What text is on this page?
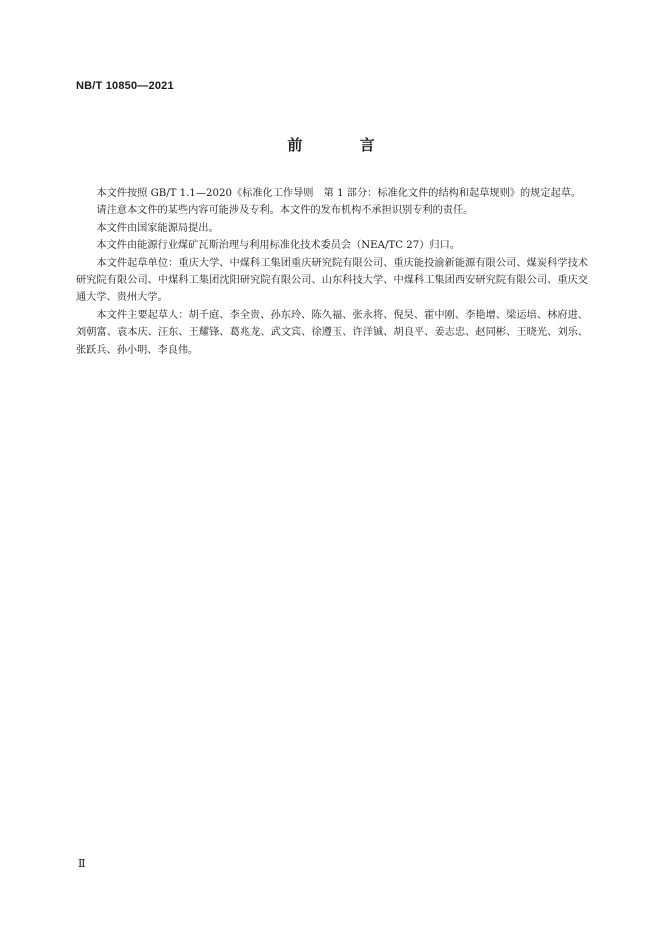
NB/T 10850—2021
前 言

本文件按照 GB/T 1.1—2020《标准化工作导则　第 1 部分：标准化文件的结构和起草规则》的规定起草。

请注意本文件的某些内容可能涉及专利。本文件的发布机构不承担识别专利的责任。

本文件由国家能源局提出。

本文件由能源行业煤矿瓦斯治理与利用标准化技术委员会（NEA/TC 27）归口。

本文件起草单位：重庆大学、中煤科工集团重庆研究院有限公司、重庆能投渝新能源有限公司、煤炭科学技术研究院有限公司、中煤科工集团沈阳研究院有限公司、山东科技大学、中煤科工集团西安研究院有限公司、重庆交通大学、贵州大学。

本文件主要起草人：胡千庭、李全贵、孙东玲、陈久福、张永将、倪昊、霍中刚、李艳增、梁运培、林府进、刘朝富、袁本庆、汪东、王耀锋、葛兆龙、武文宾、徐遵玉、许洋铖、胡良平、姜志忠、赵同彬、王晓光、刘乐、张跃兵、孙小明、李良伟。

Ⅱ
